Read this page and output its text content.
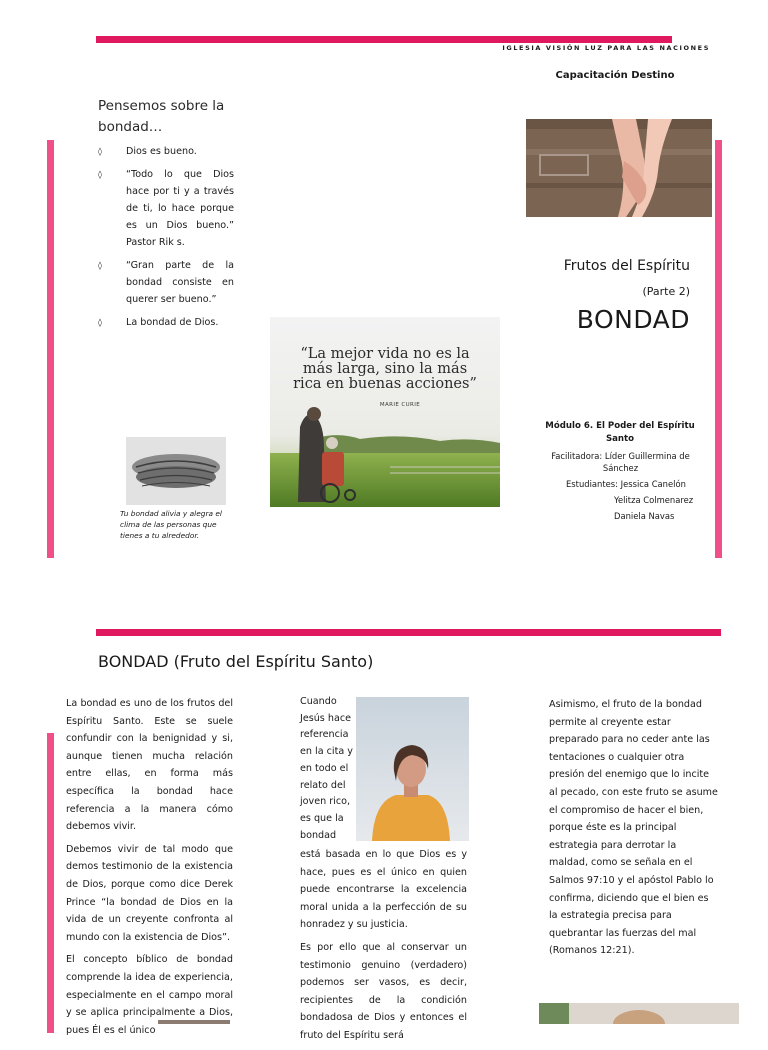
IGLESIA VISIÓN LUZ PARA LAS NACIONES
Capacitación Destino
Pensemos sobre la bondad…
◊	Dios es bueno.
◊	“Todo lo que Dios hace por ti y a través de ti, lo hace porque es un Dios bueno.” Pastor Rik s.
◊	“Gran parte de la bondad consiste en querer ser bueno.”
◊	La bondad de Dios.
Tu bondad alivia y alegra el clima de las personas que tienes a tu alrededor.
“La mejor vida no es la más larga, sino la más rica en buenas acciones”
MARIE CURIE
Frutos del Espíritu
(Parte 2)
BONDAD
Módulo 6. El Poder del Espíritu Santo
Facilitadora: Líder Guillermina de Sánchez
Estudiantes: Jessica Canelón
Yelitza Colmenarez
Daniela Navas
BONDAD (Fruto del Espíritu Santo)

La bondad es uno de los frutos del Espíritu Santo. Este se suele confundir con la benignidad y si, aunque tienen mucha relación entre ellas, en forma más específica la bondad hace referencia a la manera cómo debemos vivir.

Debemos vivir de tal modo que demos testimonio de la existencia de Dios, porque como dice Derek Prince “la bondad de Dios en la vida de un creyente confronta al mundo con la existencia de Dios”.

El concepto bíblico de bondad comprende la idea de experiencia, especialmente en el campo moral y se aplica principalmente a Dios, pues Él es el único

Cuando
Jesús hace
referencia
en la cita y
en todo el
relato del
joven rico,
es que la
bondad

está basada en lo que Dios es y hace, pues es el único en quien puede encontrarse la excelencia moral unida a la perfección de su honradez y su justicia.

Es por ello que al conservar un testimonio genuino (verdadero) podemos ser vasos, es decir, recipientes de la condición bondadosa de Dios y entonces el fruto del Espíritu será

Asimismo, el fruto de la bondad permite al creyente estar preparado para no ceder ante las tentaciones o cualquier otra presión del enemigo que lo incite al pecado, con este fruto se asume el compromiso de hacer el bien, porque éste es la principal estrategia para derrotar la maldad, como se señala en el Salmos 97:10 y el apóstol Pablo lo confirma, diciendo que el bien es la estrategia precisa para quebrantar las fuerzas del mal (Romanos 12:21).
